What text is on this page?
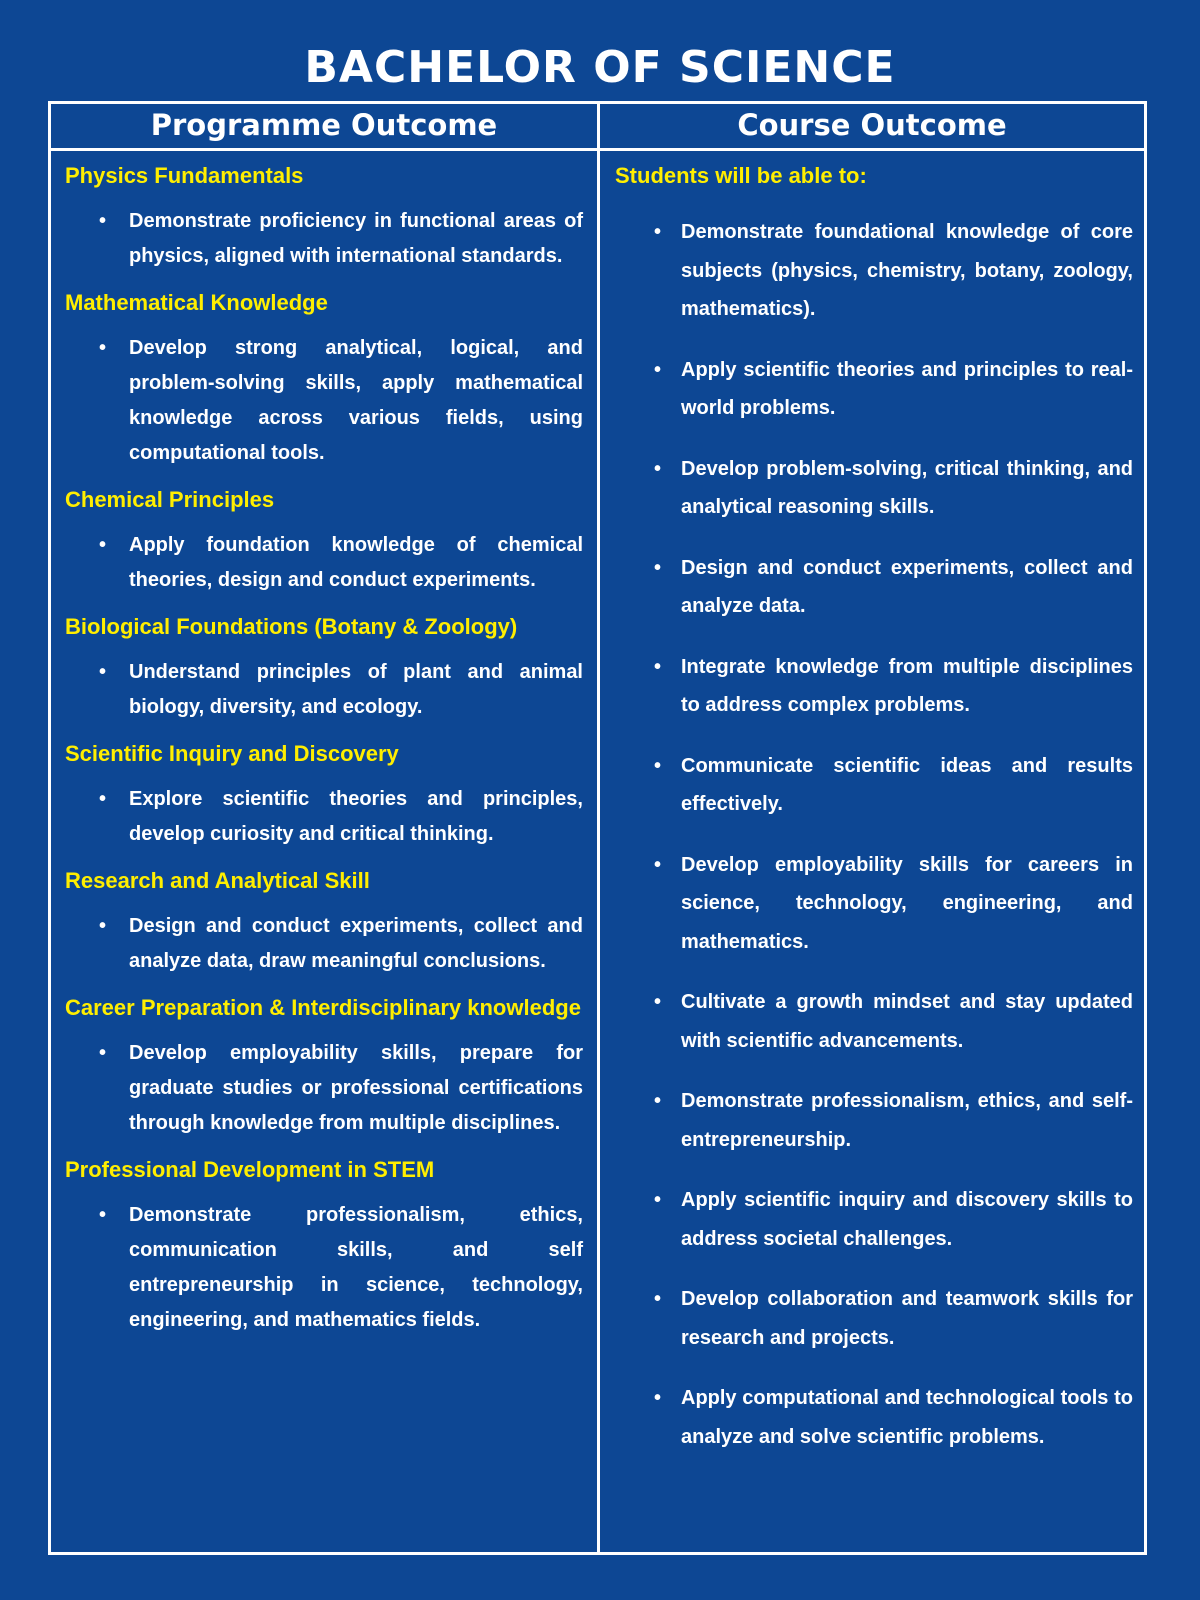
BACHELOR OF SCIENCE
Programme Outcome	Course Outcome
Physics Fundamentals
• Demonstrate proficiency in functional areas of physics, aligned with international standards.
Mathematical Knowledge
• Develop strong analytical, logical, and problem-solving skills, apply mathematical knowledge across various fields, using computational tools.
Chemical Principles
• Apply foundation knowledge of chemical theories, design and conduct experiments.
Biological Foundations (Botany & Zoology)
• Understand principles of plant and animal biology, diversity, and ecology.
Scientific Inquiry and Discovery
• Explore scientific theories and principles, develop curiosity and critical thinking.
Research and Analytical Skill
• Design and conduct experiments, collect and analyze data, draw meaningful conclusions.
Career Preparation & Interdisciplinary knowledge
• Develop employability skills, prepare for graduate studies or professional certifications through knowledge from multiple disciplines.
Professional Development in STEM
• Demonstrate professionalism, ethics, communication skills, and self entrepreneurship in science, technology, engineering, and mathematics fields.
Students will be able to:
• Demonstrate foundational knowledge of core subjects (physics, chemistry, botany, zoology, mathematics).
• Apply scientific theories and principles to real-world problems.
• Develop problem-solving, critical thinking, and analytical reasoning skills.
• Design and conduct experiments, collect and analyze data.
• Integrate knowledge from multiple disciplines to address complex problems.
• Communicate scientific ideas and results effectively.
• Develop employability skills for careers in science, technology, engineering, and mathematics.
• Cultivate a growth mindset and stay updated with scientific advancements.
• Demonstrate professionalism, ethics, and self-entrepreneurship.
• Apply scientific inquiry and discovery skills to address societal challenges.
• Develop collaboration and teamwork skills for research and projects.
• Apply computational and technological tools to analyze and solve scientific problems.
